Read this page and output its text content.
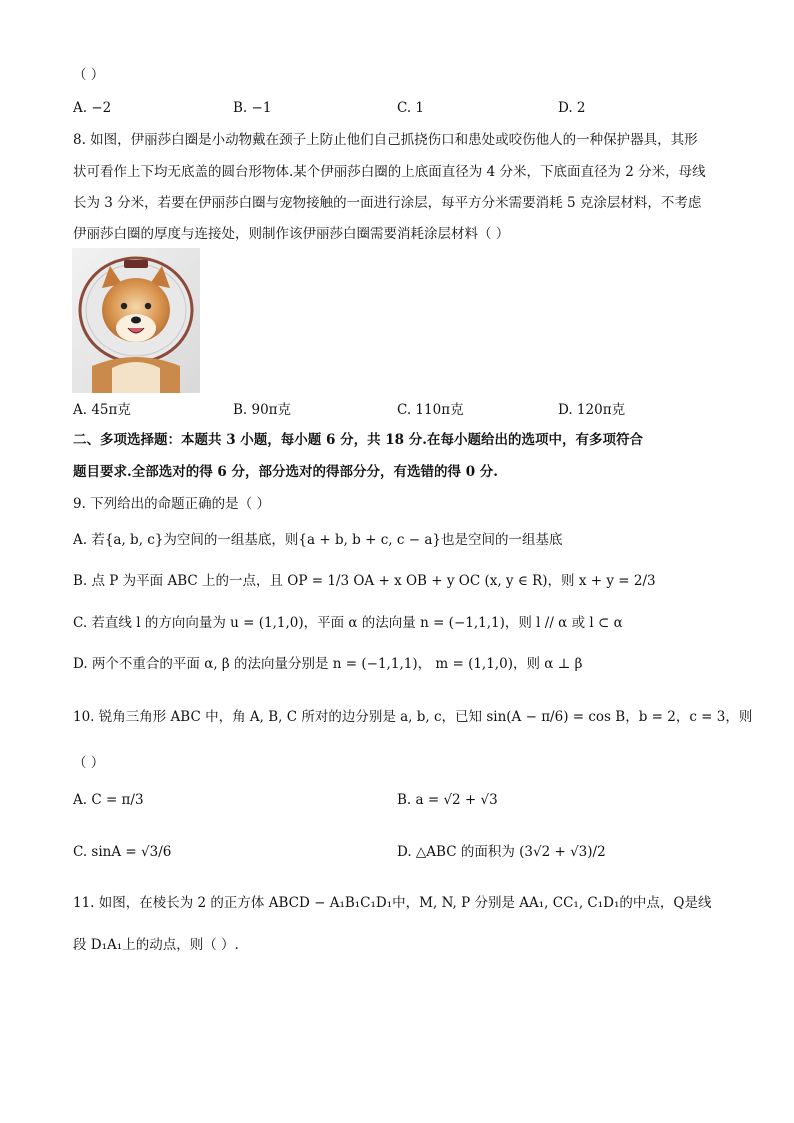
（ ）
A. −2	B. −1	C. 1	D. 2
8. 如图，伊丽莎白圈是小动物戴在颈子上防止他们自己抓挠伤口和患处或咬伤他人的一种保护器具，其形
状可看作上下均无底盖的圆台形物体.某个伊丽莎白圈的上底面直径为 4 分米，下底面直径为 2 分米，母线
长为 3 分米，若要在伊丽莎白圈与宠物接触的一面进行涂层，每平方分米需要消耗 5 克涂层材料，不考虑
伊丽莎白圈的厚度与连接处，则制作该伊丽莎白圈需要消耗涂层材料（ ）
A. 45π克	B. 90π克	C. 110π克	D. 120π克
二、多项选择题：本题共 3 小题，每小题 6 分，共 18 分.在每小题给出的选项中，有多项符合
题目要求.全部选对的得 6 分，部分选对的得部分分，有选错的得 0 分.
9. 下列给出的命题正确的是（ ）
A. 若{a, b, c}为空间的一组基底，则{a + b, b + c, c − a}也是空间的一组基底
B. 点 P 为平面 ABC 上的一点，且 OP = 1/3 OA + x OB + y OC (x, y ∈ R)，则 x + y = 2/3
C. 若直线 l 的方向向量为 u = (1,1,0)，平面 α 的法向量 n = (−1,1,1)，则 l // α 或 l ⊂ α
D. 两个不重合的平面 α, β 的法向量分别是 n = (−1,1,1)， m = (1,1,0)，则 α ⊥ β
10. 锐角三角形 ABC 中，角 A, B, C 所对的边分别是 a, b, c，已知 sin(A − π/6) = cos B，b = 2，c = 3，则
（ ）
A. C = π/3	B. a = √2 + √3
C. sinA = √3/6	D. △ABC 的面积为 (3√2 + √3)/2
11. 如图，在棱长为 2 的正方体 ABCD − A₁B₁C₁D₁中，M, N, P 分别是 AA₁, CC₁, C₁D₁的中点，Q是线
段 D₁A₁上的动点，则（ ）.
